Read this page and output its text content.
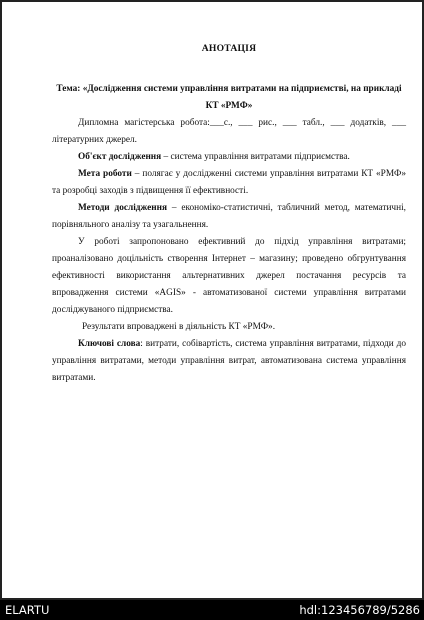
АНОТАЦІЯ
Тема: «Дослідження системи управління витратами на підприємстві, на прикладі КТ «РМФ»

Дипломна магістерська робота:___с., ___ рис., ___ табл., ___ додатків, ___ літературних джерел.

Об'єкт дослідження – система управління витратами підприємства.

Мета роботи – полягає у дослідженні системи управління витратами КТ «РМФ» та розробці заходів з підвищення її ефективності.

Методи дослідження – економіко-статистичні, табличний метод, математичні, порівняльного аналізу та узагальнення.

У роботі запропоновано ефективний до підхід управління витратами; проаналізовано доцільність створення Інтернет – магазину; проведено обгрунтування ефективності використання альтернативних джерел постачання ресурсів та впровадження системи «AGIS» - автоматизованої системи управління витратами досліджуваного підприємства.

Результати впроваджені в діяльність КТ «РМФ».

Ключові слова: витрати, собівартість, система управління витратами, підходи до управління витратами, методи управління витрат, автоматизована система управління витратами.

ELARTU	hdl:123456789/5286
